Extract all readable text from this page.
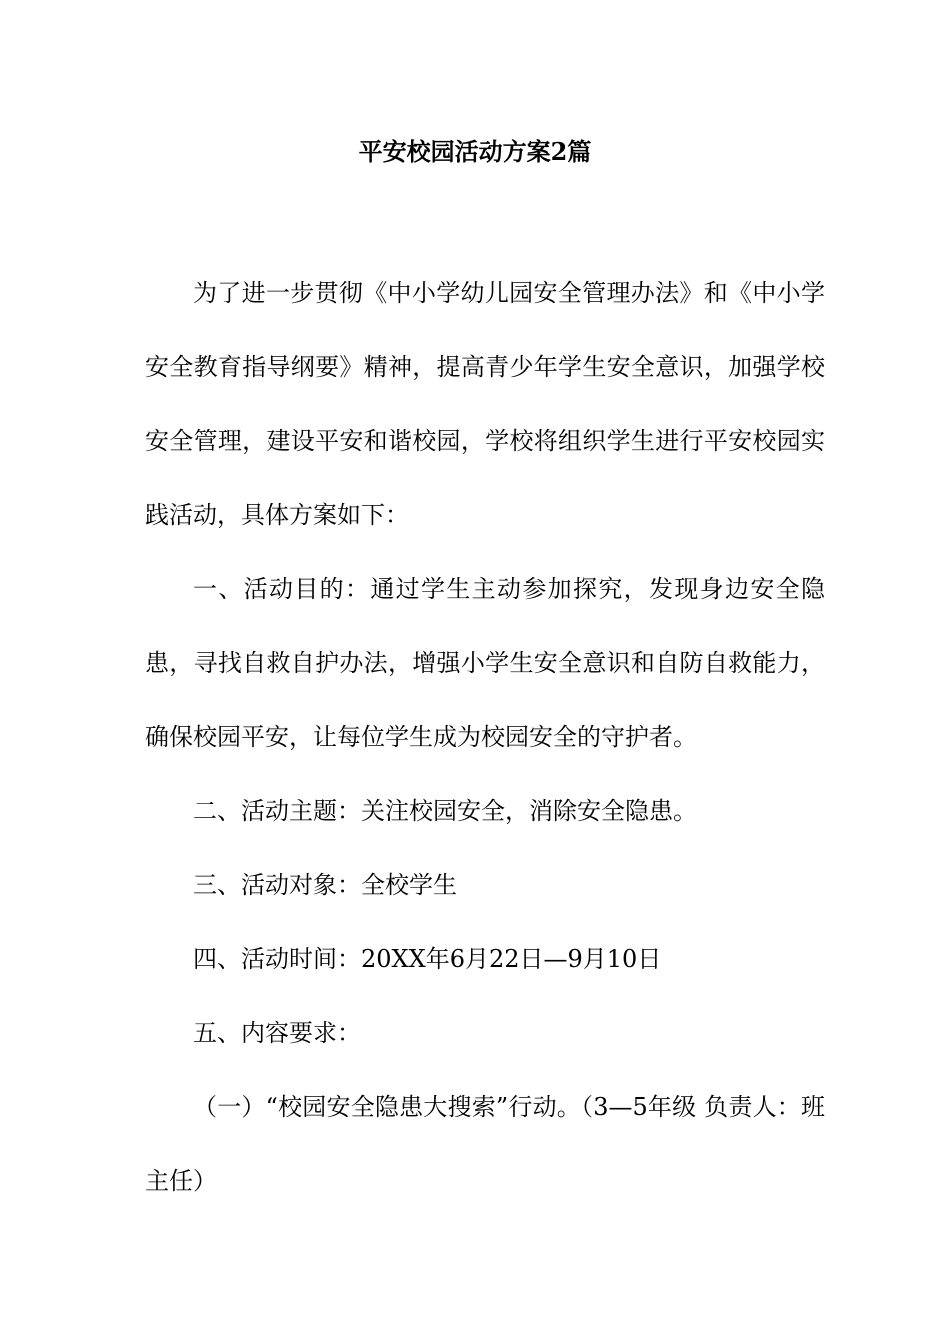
平安校园活动方案2篇

为了进一步贯彻《中小学幼儿园安全管理办法》和《中小学安全教育指导纲要》精神，提高青少年学生安全意识，加强学校安全管理，建设平安和谐校园，学校将组织学生进行平安校园实践活动，具体方案如下：

一、活动目的：通过学生主动参加探究，发现身边安全隐患，寻找自救自护办法，增强小学生安全意识和自防自救能力，确保校园平安，让每位学生成为校园安全的守护者。

二、活动主题：关注校园安全，消除安全隐患。

三、活动对象：全校学生

四、活动时间：20XX年6月22日—9月10日

五、内容要求：

（一）“校园安全隐患大搜索”行动。（3—5年级 负责人：班主任）
